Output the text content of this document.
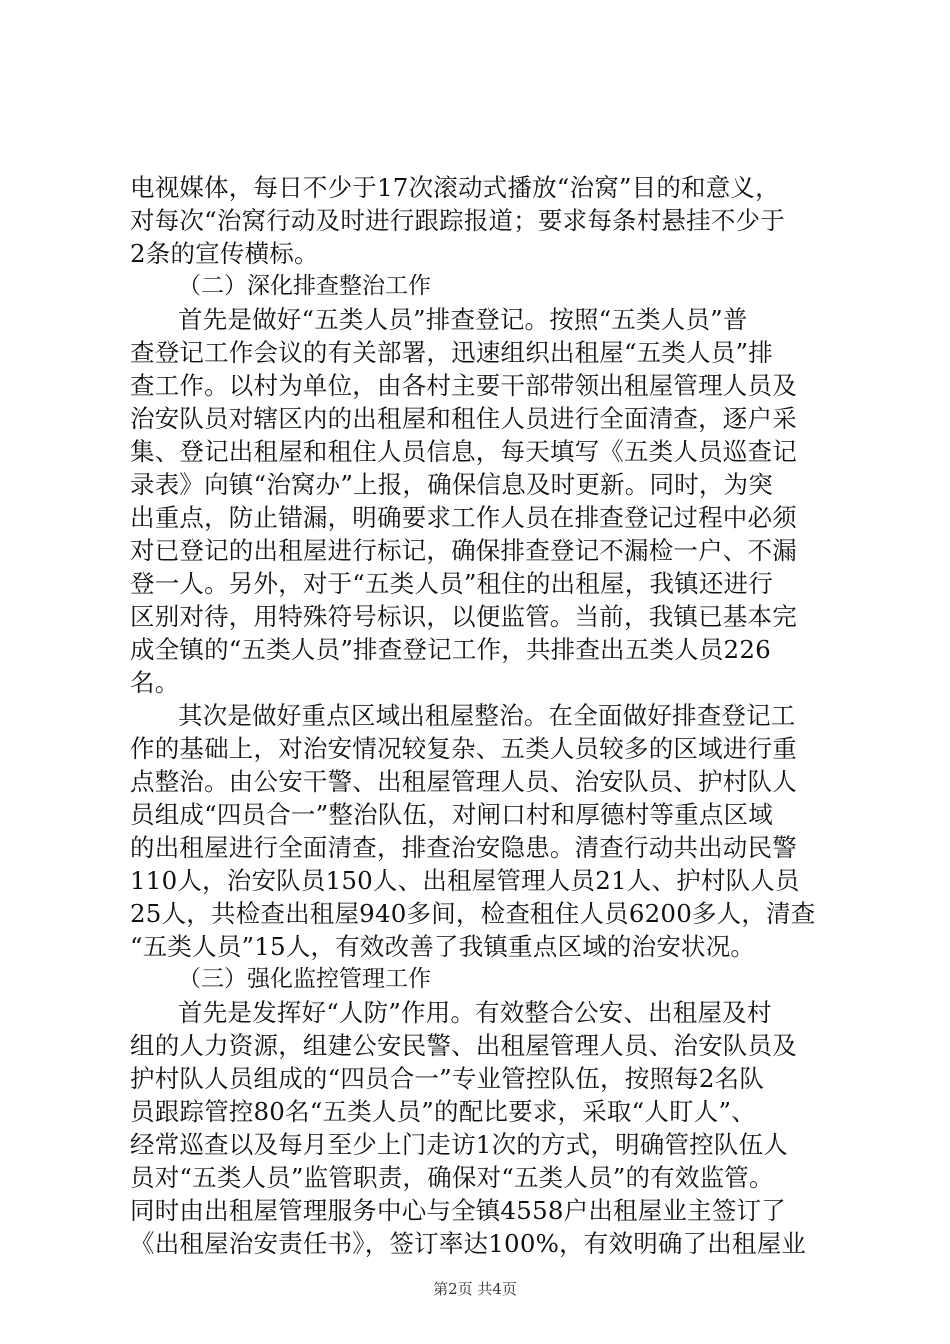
电视媒体，每日不少于17次滚动式播放“治窝”目的和意义，
对每次“治窝行动及时进行跟踪报道；要求每条村悬挂不少于
2条的宣传横标。
（二）深化排查整治工作
首先是做好“五类人员”排查登记。按照“五类人员”普
查登记工作会议的有关部署，迅速组织出租屋“五类人员”排
查工作。以村为单位，由各村主要干部带领出租屋管理人员及
治安队员对辖区内的出租屋和租住人员进行全面清查，逐户采
集、登记出租屋和租住人员信息，每天填写《五类人员巡查记
录表》向镇“治窝办”上报，确保信息及时更新。同时，为突
出重点，防止错漏，明确要求工作人员在排查登记过程中必须
对已登记的出租屋进行标记，确保排查登记不漏检一户、不漏
登一人。另外，对于“五类人员”租住的出租屋，我镇还进行
区别对待，用特殊符号标识，以便监管。当前，我镇已基本完
成全镇的“五类人员”排查登记工作，共排查出五类人员226
名。
其次是做好重点区域出租屋整治。在全面做好排查登记工
作的基础上，对治安情况较复杂、五类人员较多的区域进行重
点整治。由公安干警、出租屋管理人员、治安队员、护村队人
员组成“四员合一”整治队伍，对闸口村和厚德村等重点区域
的出租屋进行全面清查，排查治安隐患。清查行动共出动民警
110人，治安队员150人、出租屋管理人员21人、护村队人员
25人，共检查出租屋940多间，检查租住人员6200多人，清查
“五类人员”15人，有效改善了我镇重点区域的治安状况。
（三）强化监控管理工作
首先是发挥好“人防”作用。有效整合公安、出租屋及村
组的人力资源，组建公安民警、出租屋管理人员、治安队员及
护村队人员组成的“四员合一”专业管控队伍，按照每2名队
员跟踪管控80名“五类人员”的配比要求，采取“人盯人”、
经常巡查以及每月至少上门走访1次的方式，明确管控队伍人
员对“五类人员”监管职责，确保对“五类人员”的有效监管。
同时由出租屋管理服务中心与全镇4558户出租屋业主签订了
《出租屋治安责任书》，签订率达100%，有效明确了出租屋业
第2页 共4页
